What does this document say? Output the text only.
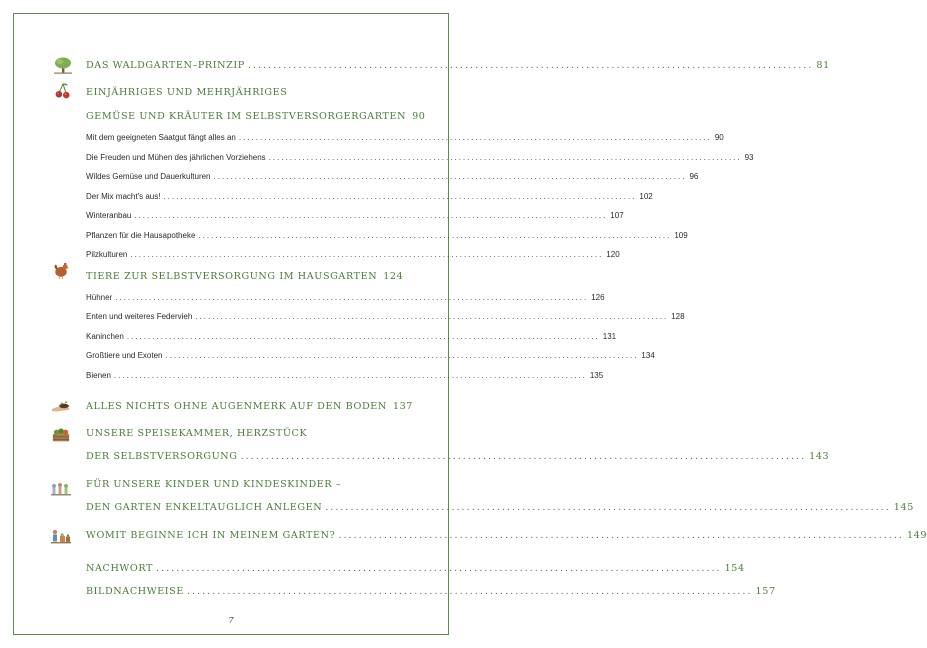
DAS WALDGARTEN–PRINZIP ................................................................................................................ 81
EINJÄHRIGES UND MEHRJÄHRIGES
GEMÜSE UND KRÄUTER IM SELBSTVERSORGERGARTEN 90
Mit dem geeigneten Saatgut fängt alles an ................................................................................................................ 90
Die Freuden und Mühen des jährlichen Vorziehens ................................................................................................................ 93
Wildes Gemüse und Dauerkulturen ................................................................................................................ 96
Der Mix macht's aus! ................................................................................................................ 102
Winteranbau ................................................................................................................ 107
Pflanzen für die Hausapotheke ................................................................................................................ 109
Pilzkulturen ................................................................................................................ 120
TIERE ZUR SELBSTVERSORGUNG IM HAUSGARTEN 124
Hühner ................................................................................................................ 126
Enten und weiteres Federvieh ................................................................................................................ 128
Kaninchen ................................................................................................................ 131
Großtiere und Exoten ................................................................................................................ 134
Bienen ................................................................................................................ 135
ALLES NICHTS OHNE AUGENMERK AUF DEN BODEN 137
UNSERE SPEISEKAMMER, HERZSTÜCK
DER SELBSTVERSORGUNG ................................................................................................................ 143
FÜR UNSERE KINDER UND KINDESKINDER –
DEN GARTEN ENKELTAUGLICH ANLEGEN ................................................................................................................ 145
WOMIT BEGINNE ICH IN MEINEM GARTEN? ................................................................................................................ 149
NACHWORT ................................................................................................................ 154
BILDNACHWEISE ................................................................................................................ 157
7
